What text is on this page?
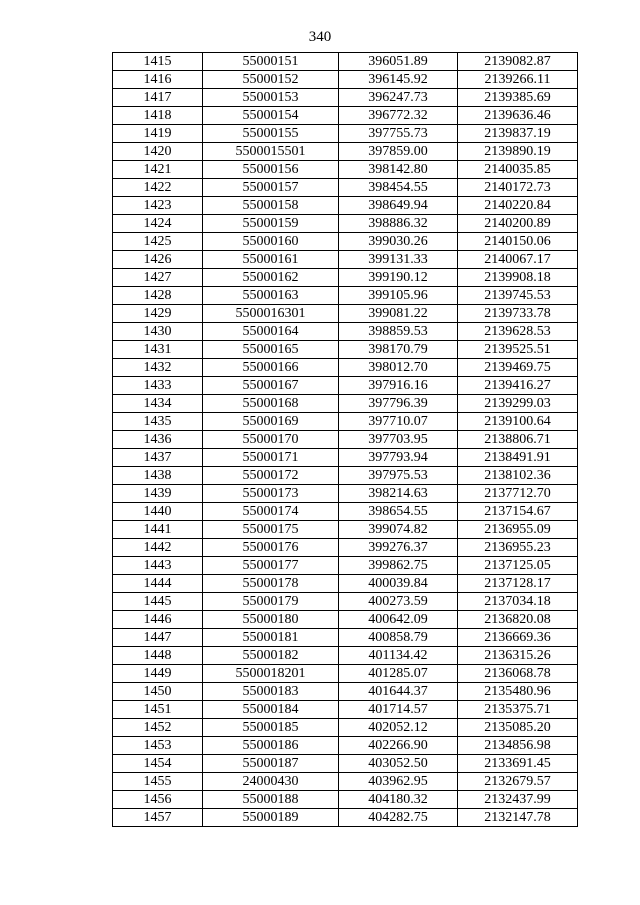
340
1415	55000151	396051.89	2139082.87
1416	55000152	396145.92	2139266.11
1417	55000153	396247.73	2139385.69
1418	55000154	396772.32	2139636.46
1419	55000155	397755.73	2139837.19
1420	5500015501	397859.00	2139890.19
1421	55000156	398142.80	2140035.85
1422	55000157	398454.55	2140172.73
1423	55000158	398649.94	2140220.84
1424	55000159	398886.32	2140200.89
1425	55000160	399030.26	2140150.06
1426	55000161	399131.33	2140067.17
1427	55000162	399190.12	2139908.18
1428	55000163	399105.96	2139745.53
1429	5500016301	399081.22	2139733.78
1430	55000164	398859.53	2139628.53
1431	55000165	398170.79	2139525.51
1432	55000166	398012.70	2139469.75
1433	55000167	397916.16	2139416.27
1434	55000168	397796.39	2139299.03
1435	55000169	397710.07	2139100.64
1436	55000170	397703.95	2138806.71
1437	55000171	397793.94	2138491.91
1438	55000172	397975.53	2138102.36
1439	55000173	398214.63	2137712.70
1440	55000174	398654.55	2137154.67
1441	55000175	399074.82	2136955.09
1442	55000176	399276.37	2136955.23
1443	55000177	399862.75	2137125.05
1444	55000178	400039.84	2137128.17
1445	55000179	400273.59	2137034.18
1446	55000180	400642.09	2136820.08
1447	55000181	400858.79	2136669.36
1448	55000182	401134.42	2136315.26
1449	5500018201	401285.07	2136068.78
1450	55000183	401644.37	2135480.96
1451	55000184	401714.57	2135375.71
1452	55000185	402052.12	2135085.20
1453	55000186	402266.90	2134856.98
1454	55000187	403052.50	2133691.45
1455	24000430	403962.95	2132679.57
1456	55000188	404180.32	2132437.99
1457	55000189	404282.75	2132147.78
